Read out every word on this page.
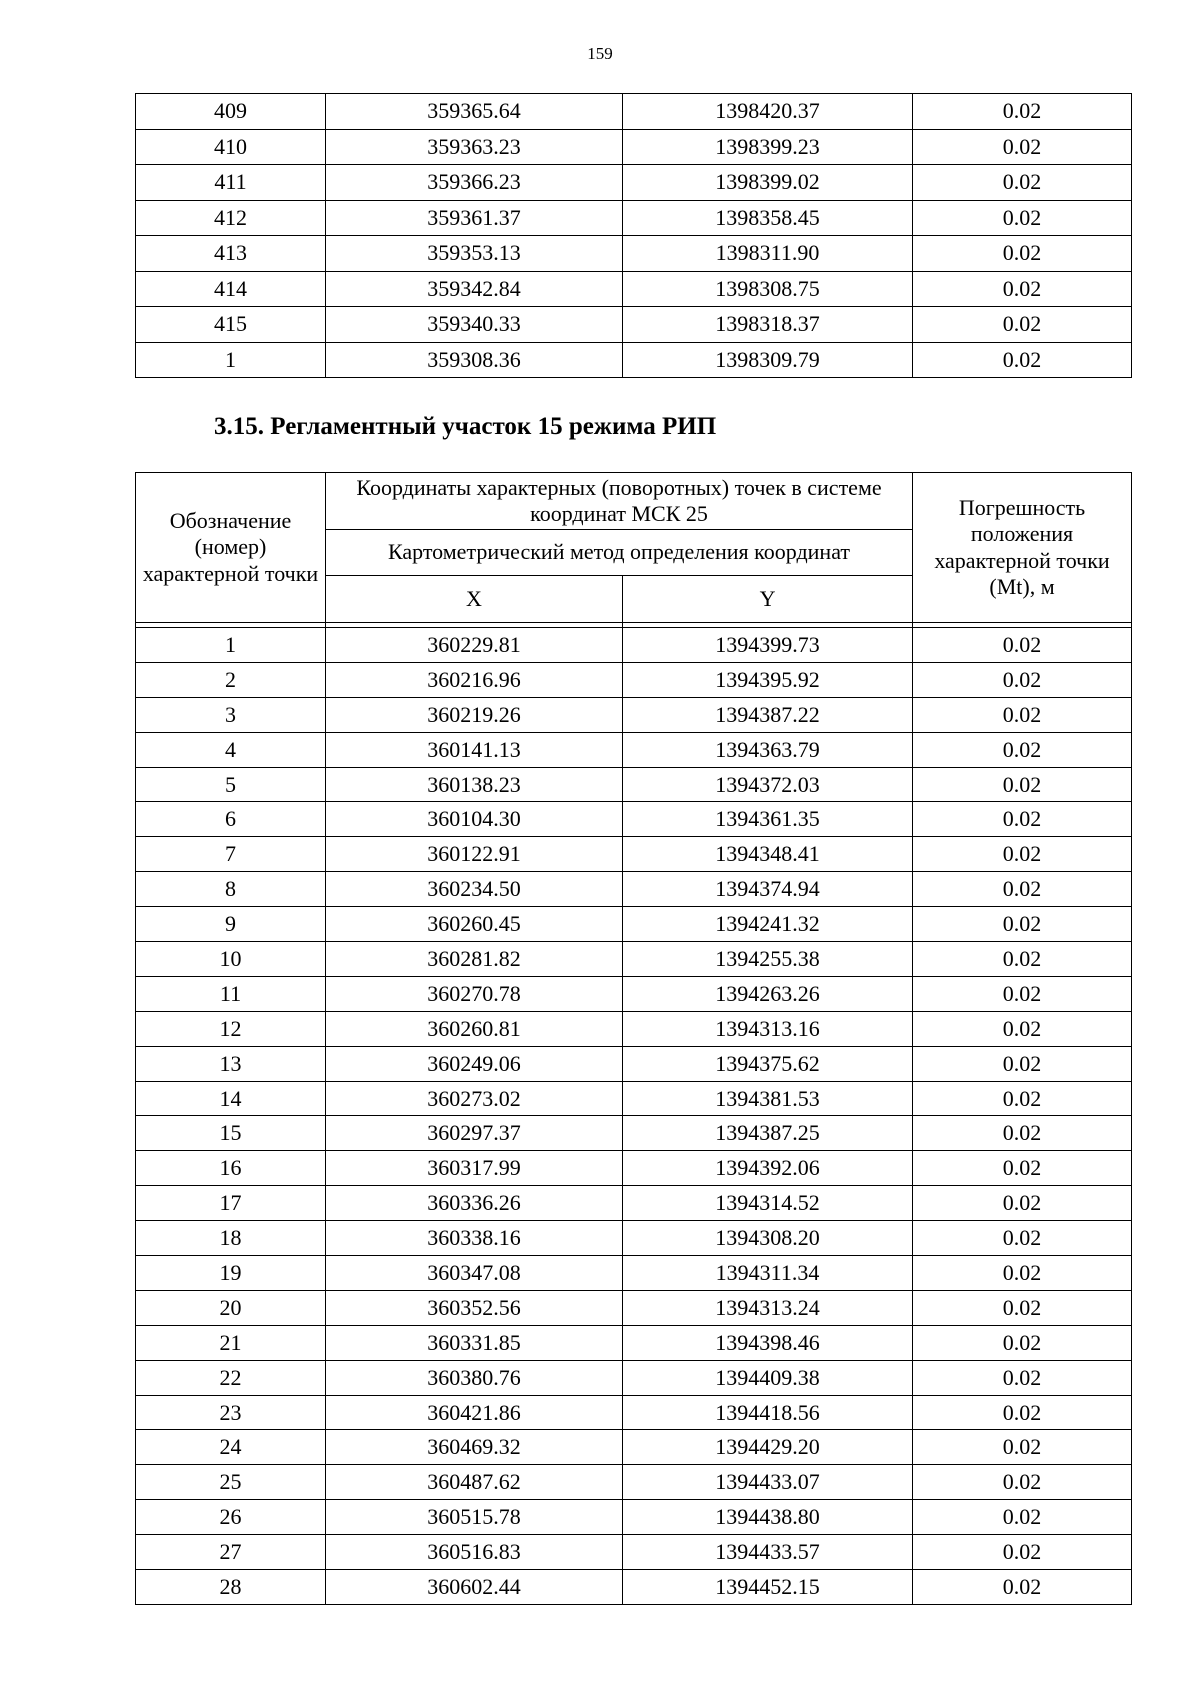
159
409	359365.64	1398420.37	0.02
410	359363.23	1398399.23	0.02
411	359366.23	1398399.02	0.02
412	359361.37	1398358.45	0.02
413	359353.13	1398311.90	0.02
414	359342.84	1398308.75	0.02
415	359340.33	1398318.37	0.02
1	359308.36	1398309.79	0.02
3.15. Регламентный участок 15 режима РИП
Обозначение (номер) характерной точки	Координаты характерных (поворотных) точек в системе координат МСК 25		Погрешность положения характерной точки (Mt), м
	Картометрический метод определения координат		
	X	Y	

1	360229.81	1394399.73	0.02
2	360216.96	1394395.92	0.02
3	360219.26	1394387.22	0.02
4	360141.13	1394363.79	0.02
5	360138.23	1394372.03	0.02
6	360104.30	1394361.35	0.02
7	360122.91	1394348.41	0.02
8	360234.50	1394374.94	0.02
9	360260.45	1394241.32	0.02
10	360281.82	1394255.38	0.02
11	360270.78	1394263.26	0.02
12	360260.81	1394313.16	0.02
13	360249.06	1394375.62	0.02
14	360273.02	1394381.53	0.02
15	360297.37	1394387.25	0.02
16	360317.99	1394392.06	0.02
17	360336.26	1394314.52	0.02
18	360338.16	1394308.20	0.02
19	360347.08	1394311.34	0.02
20	360352.56	1394313.24	0.02
21	360331.85	1394398.46	0.02
22	360380.76	1394409.38	0.02
23	360421.86	1394418.56	0.02
24	360469.32	1394429.20	0.02
25	360487.62	1394433.07	0.02
26	360515.78	1394438.80	0.02
27	360516.83	1394433.57	0.02
28	360602.44	1394452.15	0.02
